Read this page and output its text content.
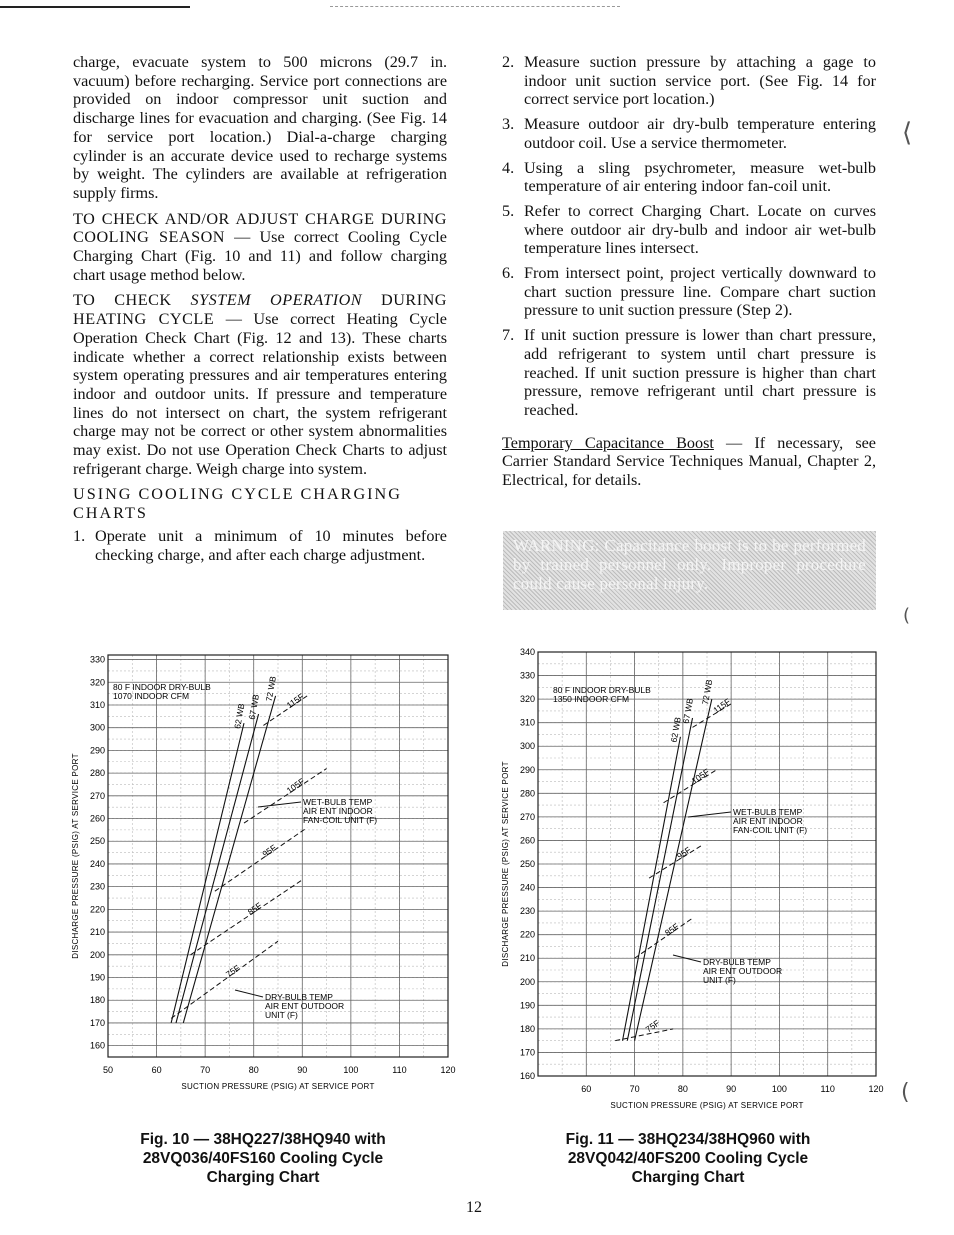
charge, evacuate system to 500 microns (29.7 in. vacuum) before recharging. Service port connections are provided on indoor compressor unit suction and discharge lines for evacuation and charging. (See Fig. 14 for service port location.) Dial-a-charge charging cylinder is an accurate device used to recharge systems by weight. The cylinders are available at refrigeration supply firms.

TO CHECK AND/OR ADJUST CHARGE DURING COOLING SEASON — Use correct Cooling Cycle Charging Chart (Fig. 10 and 11) and follow charging chart usage method below.

TO CHECK SYSTEM OPERATION DURING HEATING CYCLE — Use correct Heating Cycle Operation Check Chart (Fig. 12 and 13). These charts indicate whether a correct relationship exists between system operating pressures and air temperatures entering indoor and outdoor units. If pressure and temperature lines do not intersect on chart, the system refrigerant charge may not be correct or other system abnormalities may exist. Do not use Operation Check Charts to adjust refrigerant charge. Weigh charge into system.

USING COOLING CYCLE CHARGING CHARTS

1. Operate unit a minimum of 10 minutes before checking charge, and after each charge adjustment.
2. Measure suction pressure by attaching a gage to indoor unit suction service port. (See Fig. 14 for correct service port location.)
3. Measure outdoor air dry-bulb temperature entering outdoor coil. Use a service thermometer.
4. Using a sling psychrometer, measure wet-bulb temperature of air entering indoor fan-coil unit.
5. Refer to correct Charging Chart. Locate on curves where outdoor air dry-bulb and indoor air wet-bulb temperature lines intersect.
6. From intersect point, project vertically downward to chart suction pressure line. Compare chart suction pressure to unit suction pressure (Step 2).
7. If unit suction pressure is lower than chart pressure, add refrigerant to system until chart pressure is reached. If unit suction pressure is higher than chart pressure, remove refrigerant until chart pressure is reached.

Temporary Capacitance Boost — If necessary, see Carrier Standard Service Techniques Manual, Chapter 2, Electrical, for details.

WARNING: Capacitance boost is to be performed by trained personnel only. Improper procedure could cause personal injury.
⟨
(
(
50	60	70	80	90	100	110	120
160
170
180
190
200
210
220
230
240
250
260
270
280
290
300
310
320
330
SUCTION PRESSURE (PSIG) AT SERVICE PORT
DISCHARGE PRESSURE (PSIG) AT SERVICE PORT
62 WB 67 WB
72 WB
75F
85F
95F
105F
115F
80 F INDOOR DRY-BULB
1070 INDOOR CFM
WET-BULB TEMP
AIR ENT INDOOR
FAN-COIL UNIT (F)
DRY-BULB TEMP
AIR ENT OUTDOOR
UNIT (F)
60	70	80	90	100	110	120
160
170
180
190
200
210
220
230
240
250
260
270
280
290
300
310
320
330
340
SUCTION PRESSURE (PSIG) AT SERVICE PORT
DISCHARGE PRESSURE (PSIG) AT SERVICE PORT
62 WB
67 WB
72 WB
75F
85F
95F
105F
115F
80 F INDOOR DRY-BULB
1350 INDOOR CFM
WET-BULB TEMP
AIR ENT INDOOR
FAN-COIL UNIT (F)
DRY-BULB TEMP
AIR ENT OUTDOOR
UNIT (F)
Fig. 10 — 38HQ227/38HQ940 with
28VQ036/40FS160 Cooling Cycle
Charging Chart
Fig. 11 — 38HQ234/38HQ960 with
28VQ042/40FS200 Cooling Cycle
Charging Chart
12
